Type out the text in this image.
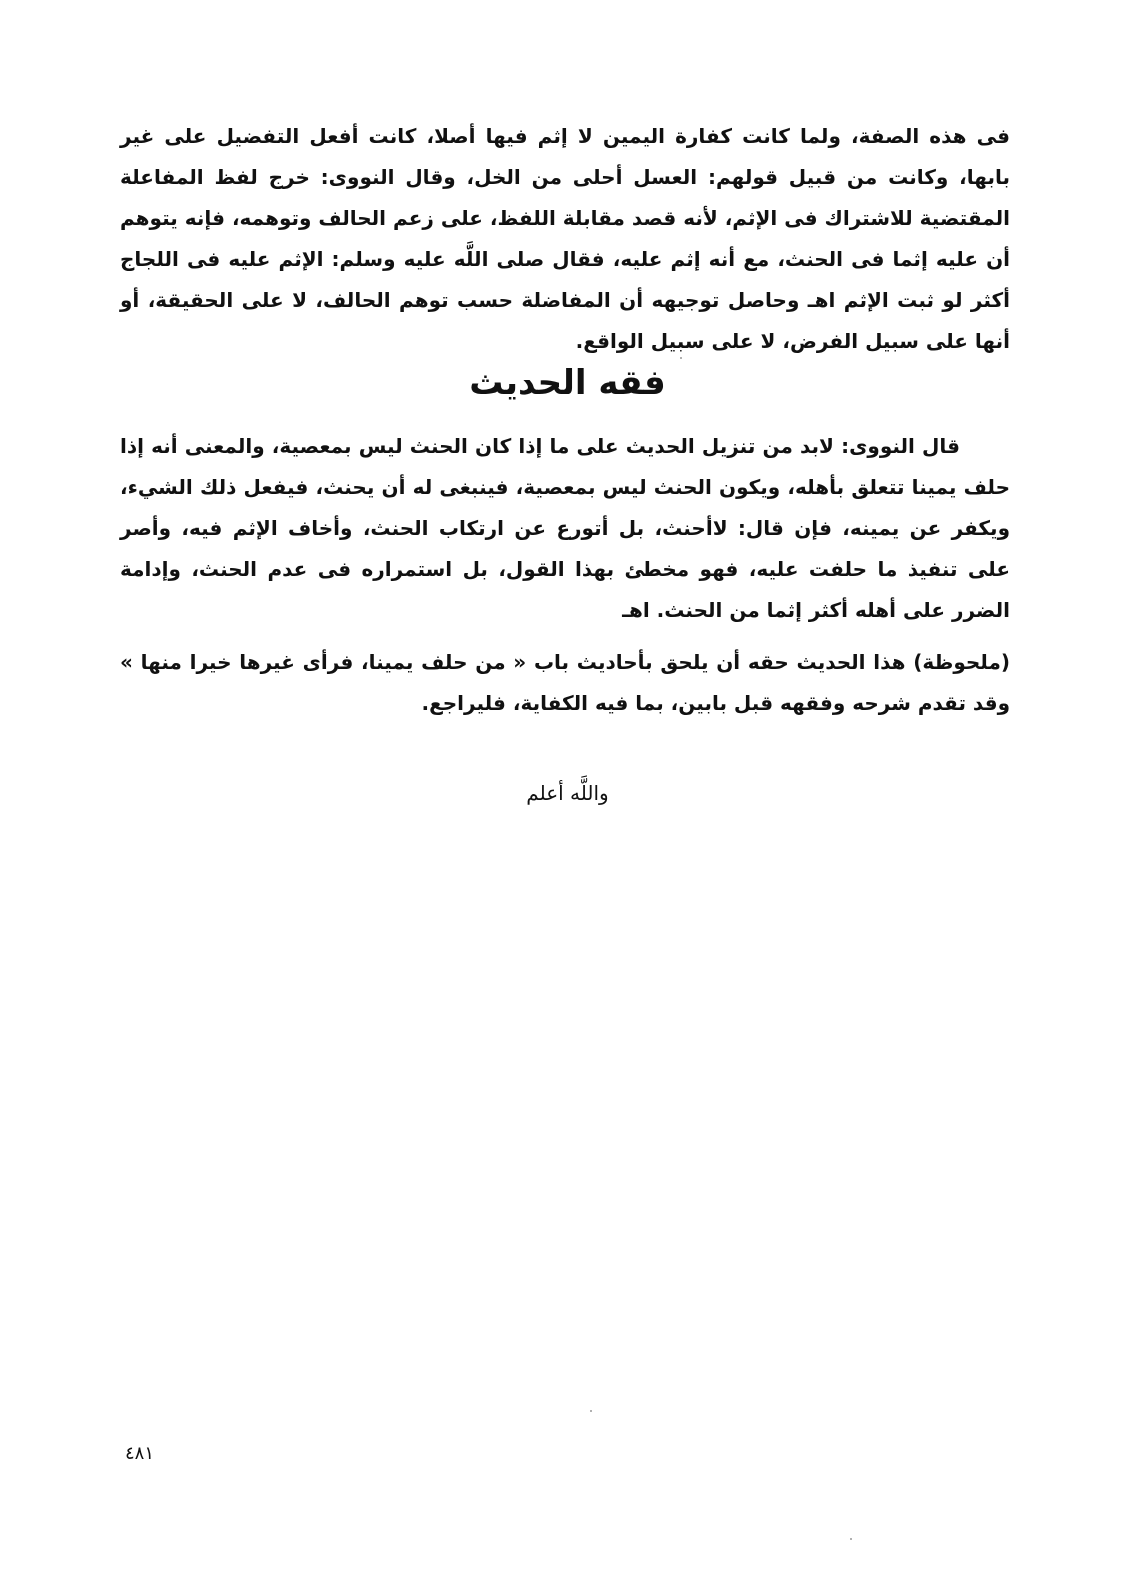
فى هذه الصفة، ولما كانت كفارة اليمين لا إثم فيها أصلا، كانت أفعل التفضيل على غير بابها، وكانت من قبيل قولهم: العسل أحلى من الخل، وقال النووى: خرج لفظ المفاعلة المقتضية للاشتراك فى الإثم، لأنه قصد مقابلة اللفظ، على زعم الحالف وتوهمه، فإنه يتوهم أن عليه إثما فى الحنث، مع أنه إثم عليه، فقال صلى اللَّه عليه وسلم: الإثم عليه فى اللجاج أكثر لو ثبت الإثم اهـ وحاصل توجيهه أن المفاضلة حسب توهم الحالف، لا على الحقيقة، أو أنها على سبيل الفرض، لا على سبيل الواقع.

فقه الحديث

قال النووى: لابد من تنزيل الحديث على ما إذا كان الحنث ليس بمعصية، والمعنى أنه إذا حلف يمينا تتعلق بأهله، ويكون الحنث ليس بمعصية، فينبغى له أن يحنث، فيفعل ذلك الشيء، ويكفر عن يمينه، فإن قال: لاأحنث، بل أتورع عن ارتكاب الحنث، وأخاف الإثم فيه، وأصر على تنفيذ ما حلفت عليه، فهو مخطئ بهذا القول، بل استمراره فى عدم الحنث، وإدامة الضرر على أهله أكثر إثما من الحنث. اهـ

(ملحوظة) هذا الحديث حقه أن يلحق بأحاديث باب « من حلف يمينا، فرأى غيرها خيرا منها » وقد تقدم شرحه وفقهه قبل بابين، بما فيه الكفاية، فليراجع.

واللَّه أعلم
٤٨١
